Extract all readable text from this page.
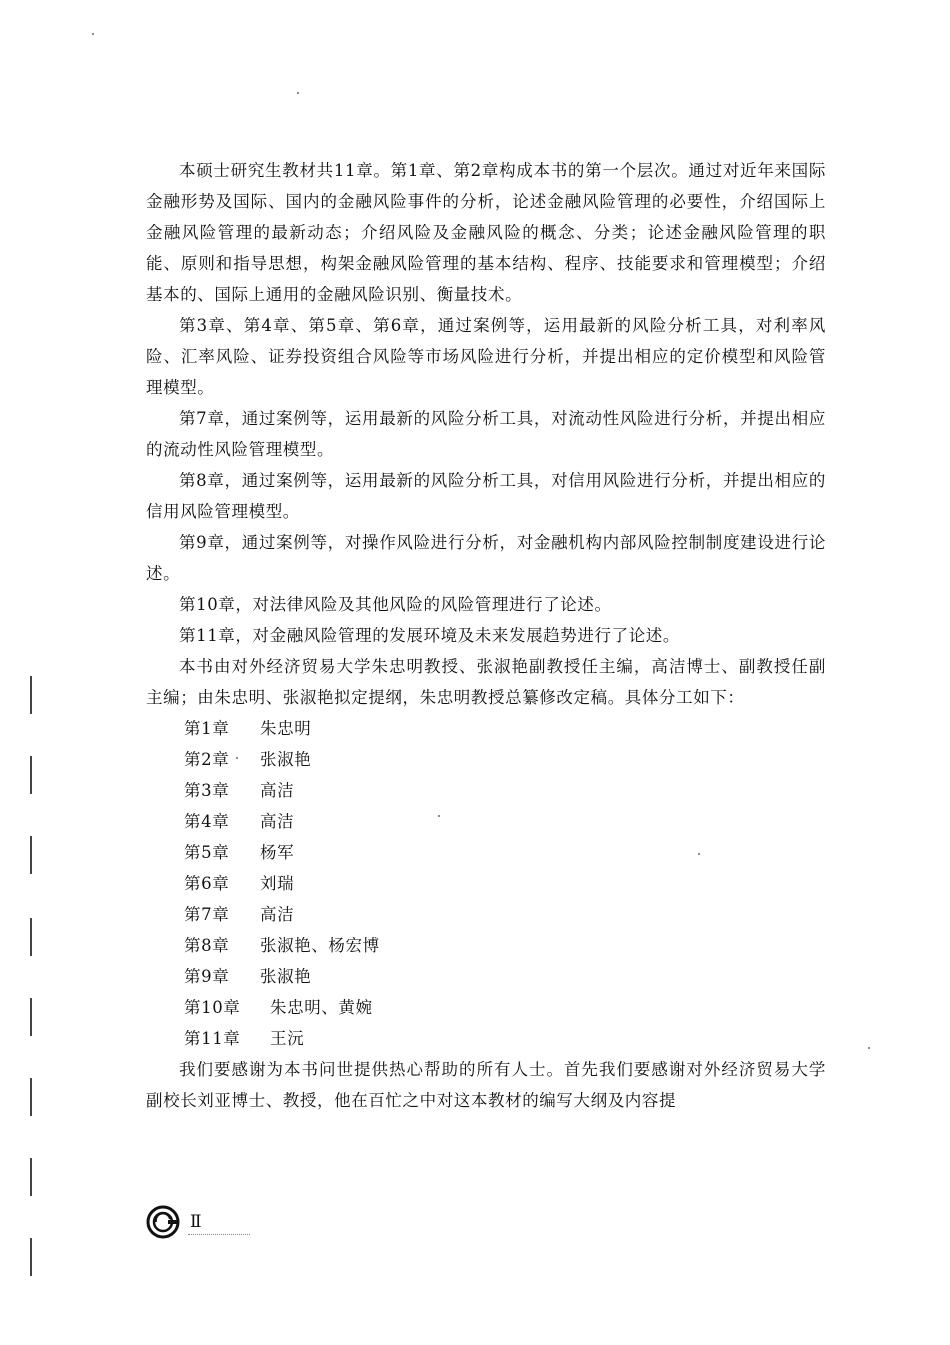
本硕士研究生教材共11章。第1章、第2章构成本书的第一个层次。通过对近年来国际金融形势及国际、国内的金融风险事件的分析，论述金融风险管理的必要性，介绍国际上金融风险管理的最新动态；介绍风险及金融风险的概念、分类；论述金融风险管理的职能、原则和指导思想，构架金融风险管理的基本结构、程序、技能要求和管理模型；介绍基本的、国际上通用的金融风险识别、衡量技术。

第3章、第4章、第5章、第6章，通过案例等，运用最新的风险分析工具，对利率风险、汇率风险、证券投资组合风险等市场风险进行分析，并提出相应的定价模型和风险管理模型。

第7章，通过案例等，运用最新的风险分析工具，对流动性风险进行分析，并提出相应的流动性风险管理模型。

第8章，通过案例等，运用最新的风险分析工具，对信用风险进行分析，并提出相应的信用风险管理模型。

第9章，通过案例等，对操作风险进行分析，对金融机构内部风险控制制度建设进行论述。

第10章，对法律风险及其他风险的风险管理进行了论述。

第11章，对金融风险管理的发展环境及未来发展趋势进行了论述。

本书由对外经济贸易大学朱忠明教授、张淑艳副教授任主编，高洁博士、副教授任副主编；由朱忠明、张淑艳拟定提纲，朱忠明教授总纂修改定稿。具体分工如下：

第1章	朱忠明
第2章	张淑艳
第3章	高洁
第4章	高洁
第5章	杨军
第6章	刘瑞
第7章	高洁
第8章	张淑艳、杨宏博
第9章	张淑艳
第10章	朱忠明、黄婉
第11章	王沅

我们要感谢为本书问世提供热心帮助的所有人士。首先我们要感谢对外经济贸易大学副校长刘亚博士、教授，他在百忙之中对这本教材的编写大纲及内容提

Ⅱ
